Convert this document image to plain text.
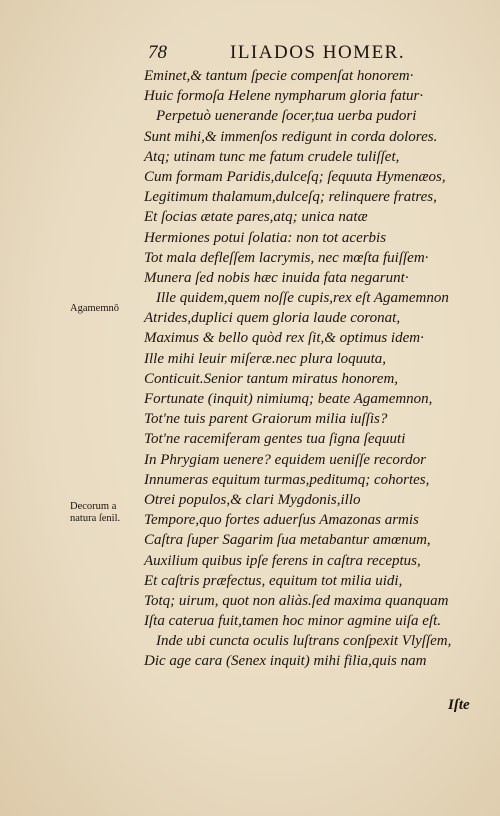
78	ILIADOS HOMER.
Agamemnō
Decorum a natura ſenil.
Eminet,& tantum ſpecie compenſat honorem·
Huic formoſa Helene nympharum gloria fatur·
Perpetuò uenerande ſocer,tua uerba pudori
Sunt mihi,& immenſos redigunt in corda dolores.
Atq; utinam tunc me fatum crudele tuliſſet,
Cum formam Paridis,dulceſq; ſequuta Hymenæos,
Legitimum thalamum,dulceſq; relinquere fratres,
Et ſocias ætate pares,atq; unica natæ
Hermiones potui ſolatia: non tot acerbis
Tot mala defleſſem lacrymis, nec mœſta fuiſſem·
Munera ſed nobis hæc inuida fata negarunt·
Ille quidem,quem noſſe cupis,rex eſt Agamemnon
Atrides,duplici quem gloria laude coronat,
Maximus & bello quòd rex ſit,& optimus idem·
Ille mihi leuir miſeræ.nec plura loquuta,
Conticuit.Senior tantum miratus honorem,
Fortunate (inquit) nimiumq; beate Agamemnon,
Tot'ne tuis parent Graiorum milia iuſſis?
Tot'ne racemiferam gentes tua ſigna ſequuti
In Phrygiam uenere? equidem ueniſſe recordor
Innumeras equitum turmas,peditumq; cohortes,
Otrei populos,& clari Mygdonis,illo
Tempore,quo fortes aduerſus Amazonas armis
Caſtra ſuper Sagarim ſua metabantur amœnum,
Auxilium quibus ipſe ferens in caſtra receptus,
Et caſtris præfectus, equitum tot milia uidi,
Totq; uirum, quot non aliàs.ſed maxima quanquam
Iſta caterua fuit,tamen hoc minor agmine uiſa eſt.
Inde ubi cuncta oculis luſtrans conſpexit Vlyſſem,
Dic age cara (Senex inquit) mihi filia,quis nam
Iſte
